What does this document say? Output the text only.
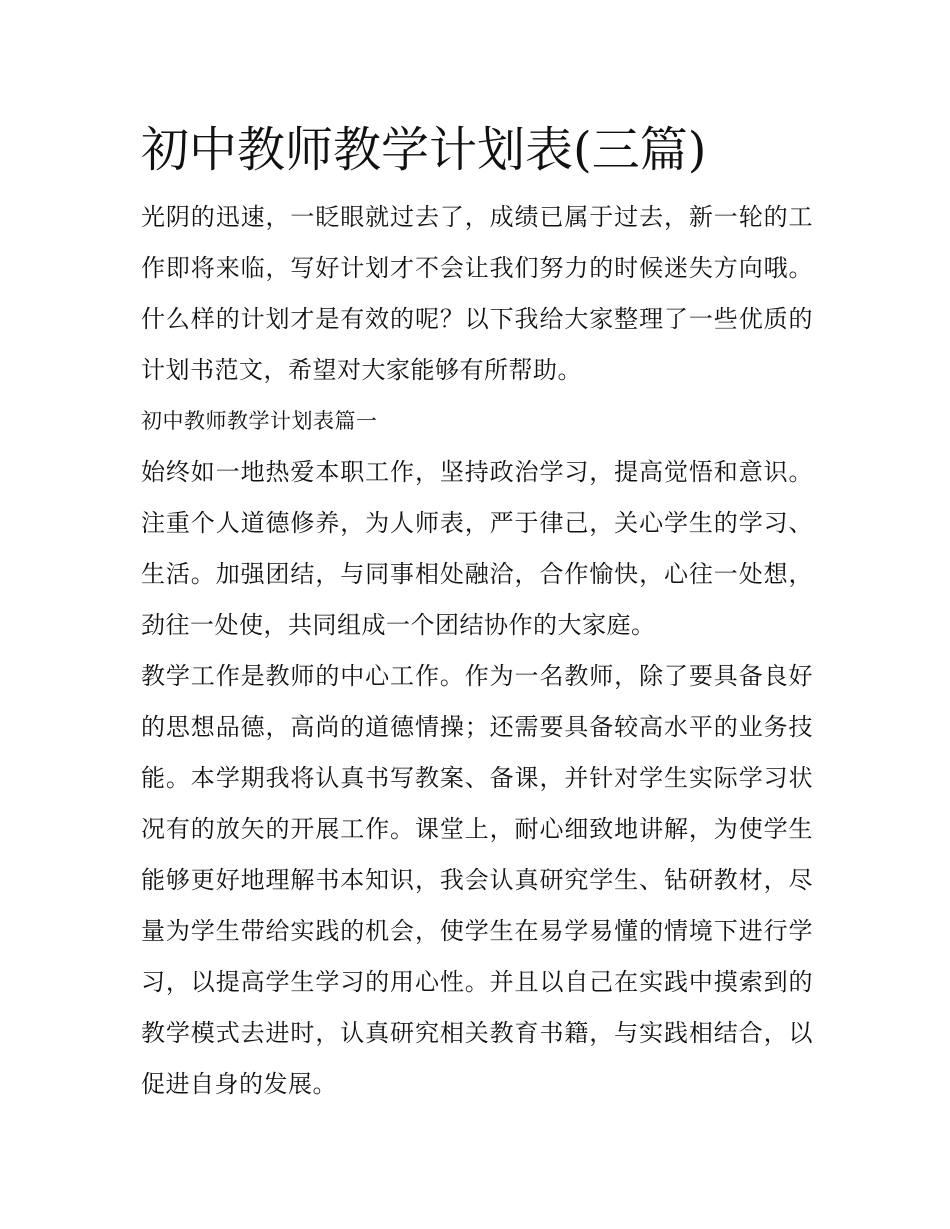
初中教师教学计划表(三篇)

光阴的迅速，一眨眼就过去了，成绩已属于过去，新一轮的工作即将来临，写好计划才不会让我们努力的时候迷失方向哦。什么样的计划才是有效的呢？以下我给大家整理了一些优质的计划书范文，希望对大家能够有所帮助。

初中教师教学计划表篇一

始终如一地热爱本职工作，坚持政治学习，提高觉悟和意识。注重个人道德修养，为人师表，严于律己，关心学生的学习、生活。加强团结，与同事相处融洽，合作愉快，心往一处想，劲往一处使，共同组成一个团结协作的大家庭。

教学工作是教师的中心工作。作为一名教师，除了要具备良好的思想品德，高尚的道德情操；还需要具备较高水平的业务技能。本学期我将认真书写教案、备课，并针对学生实际学习状况有的放矢的开展工作。课堂上，耐心细致地讲解，为使学生能够更好地理解书本知识，我会认真研究学生、钻研教材，尽量为学生带给实践的机会，使学生在易学易懂的情境下进行学习，以提高学生学习的用心性。并且以自己在实践中摸索到的教学模式去进时，认真研究相关教育书籍，与实践相结合，以促进自身的发展。
